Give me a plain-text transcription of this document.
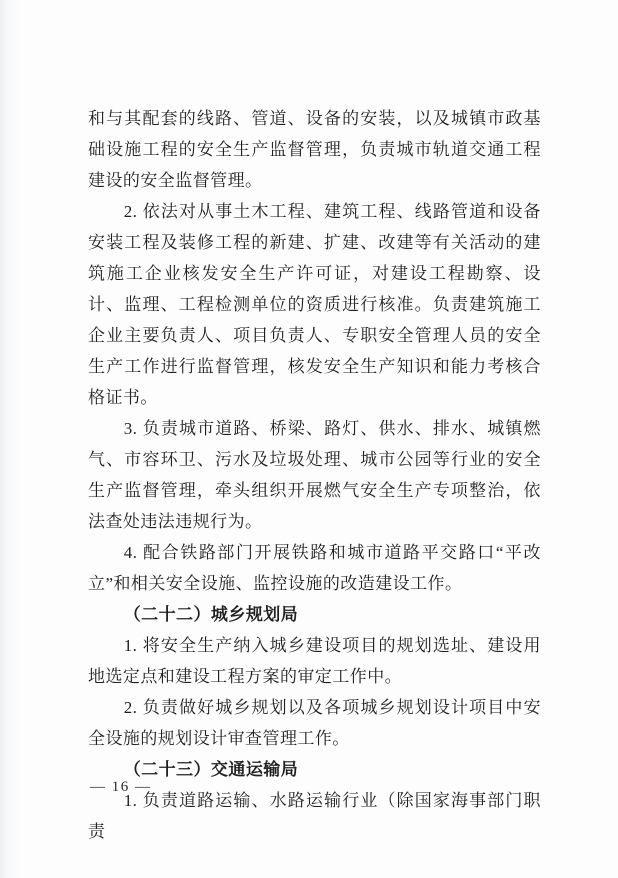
和与其配套的线路、管道、设备的安装，以及城镇市政基础设施工程的安全生产监督管理，负责城市轨道交通工程建设的安全监督管理。

2. 依法对从事土木工程、建筑工程、线路管道和设备安装工程及装修工程的新建、扩建、改建等有关活动的建筑施工企业核发安全生产许可证，对建设工程勘察、设计、监理、工程检测单位的资质进行核准。负责建筑施工企业主要负责人、项目负责人、专职安全管理人员的安全生产工作进行监督管理，核发安全生产知识和能力考核合格证书。

3. 负责城市道路、桥梁、路灯、供水、排水、城镇燃气、市容环卫、污水及垃圾处理、城市公园等行业的安全生产监督管理，牵头组织开展燃气安全生产专项整治，依法查处违法违规行为。

4. 配合铁路部门开展铁路和城市道路平交路口“平改立”和相关安全设施、监控设施的改造建设工作。

（二十二）城乡规划局

1. 将安全生产纳入城乡建设项目的规划选址、建设用地选定点和建设工程方案的审定工作中。

2. 负责做好城乡规划以及各项城乡规划设计项目中安全设施的规划设计审查管理工作。

（二十三）交通运输局

1. 负责道路运输、水路运输行业（除国家海事部门职责

— 16 —
